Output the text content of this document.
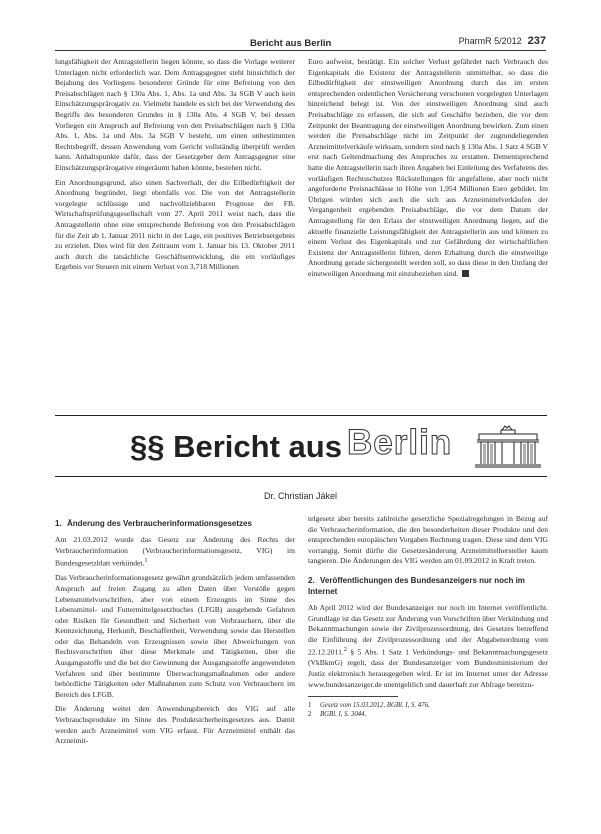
Bericht aus Berlin	PharmR 5/2012 237

lungsfähigkeit der Antragstellerin liegen könnte, so dass die Vorlage weiterer Unterlagen nicht erforderlich war. Dem Antragsgegner steht hinsichtlich der Bejahung des Vorliegens besonderer Gründe für eine Befreiung von den Preisabschlägen nach § 130a Abs. 1, Abs. 1a und Abs. 3a SGB V auch kein Einschätzungsprärogativ zu. Vielmehr handele es sich bei der Verwendung des Begriffs des besonderen Grundes in § 130a Abs. 4 SGB V, bei dessen Vorliegen ein Anspruch auf Befreiung von den Preisabschlägen nach § 130a Abs. 1, Abs. 1a und Abs. 3a SGB V besteht, um einen unbestimmten Rechtsbegriff, dessen Anwendung vom Gericht vollständig überprüft werden kann. Anhaltspunkte dafür, dass der Gesetzgeber dem Antragsgegner eine Einschätzungsprärogative eingeräumt haben könnte, bestehen nicht.

Ein Anordnungsgrund, also einen Sachverhalt, der die Eilbedürftigkeit der Anordnung begründet, liegt ebenfalls vor. Die von der Antragstellerin vorgelegte schlüssige und nachvollziehbaren Prognose der FB. Wirtschaftsprüfungsgesellschaft vom 27. April 2011 weist nach, dass die Antragstellerin ohne eine entsprechende Befreiung von den Preisabschlägen für die Zeit ab 1. Januar 2011 nicht in der Lage, ein positives Betriebsergebnis zu erzielen. Dies wird für den Zeitraum vom 1. Januar bis 13. Oktober 2011 auch durch die tatsächliche Geschäftsentwicklung, die ein vorläufiges Ergebnis vor Steuern mit einem Verlust von 3,718 Millionen

Euro aufweist, bestätigt. Ein solcher Verlust gefährdet nach Verbrauch des Eigenkapitals die Existenz der Antragstellerin unmittelbar, so dass die Eilbedürftigkeit der einstweiligen Anordnung durch das im ersten entsprechenden ordentlichen Versicherung verschonen vorgelegten Unterlagen hinreichend belegt ist. Von der einstweiligen Anordnung sind auch Preisabschläge zu erfassen, die sich auf Geschäfte beziehen, die vor dem Zeitpunkt der Beantragung der einstweiligen Anordnung bewirken. Zum einen werden die Preisabschläge nicht im Zeitpunkt der zugrundeliegenden Arzneimittelverkäufe wirksam, sondern sind nach § 130a Abs. 1 Satz 4 SGB V erst nach Geltendmachung des Anspruches zu erstatten. Dementsprechend hatte die Antragstellerin nach ihren Angaben bei Einleitung des Verfahrens des vorläufigen Rechtsschutzes Rückstellungen für angefallene, aber noch nicht angeforderte Preisnachlässe in Höhe von 1,954 Millionen Euro gebildet. Im Übrigen würden sich auch die sich aus Arzneimittelverkäufen der Vergangenheit ergebenden Preisabschläge, die vor dem Datum der Antragstellung für den Erlass der einstweiligen Anordnung liegen, auf die aktuelle finanzielle Leistungsfähigkeit der Antragstellerin aus und können zu einem Verlust des Eigenkapitals und zur Gefährdung der wirtschaftlichen Existenz der Antragstellerin führen, deren Erhaltung durch die einstweilige Anordnung gerade sichergestellt werden soll, so dass diese in den Umfang der einstweiligen Anordnung mit einzubeziehen sind.

§§ Bericht aus Berlin
Dr. Christian Jäkel
1. Änderung des Verbraucherinformationsgesetzes

Am 21.03.2012 wurde das Gesetz zur Änderung des Rechts der Verbraucherinformation (Verbraucherinformationsgesetz, VIG) im Bundesgesetzblatt verkündet.$^1$

Das Verbraucherinformationsgesetz gewährt grundsätzlich jedem umfassenden Anspruch auf freien Zugang zu allen Daten über Verstöße gegen Lebensmittelvorschriften, aber von einem Erzeugnis im Sinne des Lebensmittel- und Futtermittelgesetzbuches (LFGB) ausgehende Gefahren oder Risiken für Gesundheit und Sicherheit von Verbrauchern, über die Kennzeichnung, Herkunft, Beschaffenheit, Verwendung sowie das Herstellen oder das Behandeln von Erzeugnissen sowie über Abweichungen von Rechtsvorschriften über diese Merkmale und Tätigkeiten, über die Ausgangsstoffe und die bei der Gewinnung der Ausgangsstoffe angewendeten Verfahren und über bestimmte Überwachungsmaßnahmen oder andere behördliche Tätigkeiten oder Maßnahmen zum Schutz von Verbrauchern im Bereich des LFGB.

Die Änderung weitet den Anwendungsbereich des VIG auf alle Verbrauchsprodukte im Sinne des Produktsicherheitsgesetzes aus. Damit werden auch Arzneimittel vom VIG erfasst. Für Arzneimittel enthält das Arzneimit-

telgesetz aber bereits zahlreiche gesetzliche Spezialregelungen in Bezug auf die Verbraucherinformation, die den besonderheiten dieser Produkte und den entsprechenden europäischen Vorgaben Rechnung tragen. Diese sind dem VIG vorrangig. Somit dürfte die Gesetzesänderung Arzneimittelhersteller kaum tangieren. Die Änderungen des VIG werden am 01.09.2012 in Kraft treten.

2. Veröffentlichungen des Bundesanzeigers nur noch im Internet

Ab April 2012 wird der Bundesanzeiger nur noch im Internet veröffentlicht. Grundlage ist das Gesetz zur Änderung von Vorschriften über Verkündung und Bekanntmachungen sowie der Zivilprozessordnung, des Gesetzes betreffend die Einführung der Zivilprozessordnung und der Abgabenordnung vom 22.12.2011.$^2$ § 5 Abs. 1 Satz 1 Verkündungs- und Bekanntmachungsgesetz (VkBkmG) regelt, dass der Bundesanzeiger vom Bundesministerium der Justiz elektronisch herausgegeben wird. Er ist im Internet unter der Adresse www.bundesanzeiger.de unentgeltlich und dauerhaft zur Abfrage bereitzu-

1 Gesetz vom 15.03.2012, BGBl. I, S. 476.
2 BGBl. I, S. 3044.
